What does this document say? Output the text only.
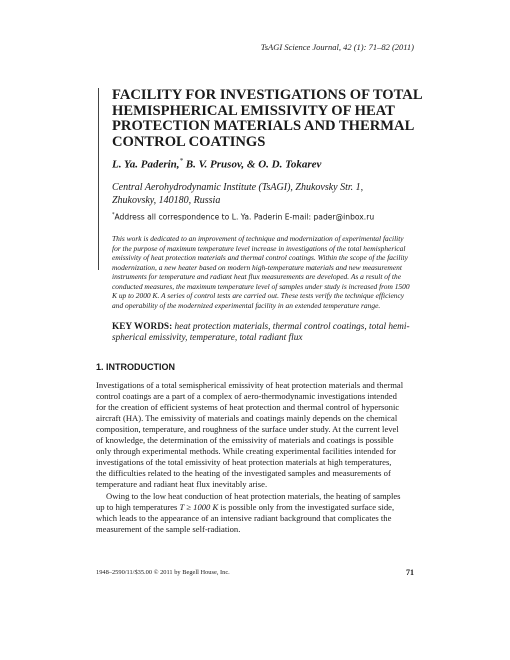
TsAGI Science Journal, 42 (1): 71–82 (2011)
FACILITY FOR INVESTIGATIONS OF TOTAL
HEMISPHERICAL EMISSIVITY OF HEAT
PROTECTION MATERIALS AND THERMAL
CONTROL COATINGS
L. Ya. Paderin,* B. V. Prusov, & O. D. Tokarev
Central Aerohydrodynamic Institute (TsAGI), Zhukovsky Str. 1,
Zhukovsky, 140180, Russia
*Address all correspondence to L. Ya. Paderin E-mail: pader@inbox.ru
This work is dedicated to an improvement of technique and modernization of experimental facility
for the purpose of maximum temperature level increase in investigations of the total hemispherical
emissivity of heat protection materials and thermal control coatings. Within the scope of the facility
modernization, a new heater based on modern high-temperature materials and new measurement
instruments for temperature and radiant heat flux measurements are developed. As a result of the
conducted measures, the maximum temperature level of samples under study is increased from 1500
K up to 2000 K. A series of control tests are carried out. These tests verify the technique efficiency
and operability of the modernized experimental facility in an extended temperature range.
KEY WORDS: heat protection materials, thermal control coatings, total hemi-
spherical emissivity, temperature, total radiant flux
1. INTRODUCTION
Investigations of a total semispherical emissivity of heat protection materials and thermal
control coatings are a part of a complex of aero-thermodynamic investigations intended
for the creation of efficient systems of heat protection and thermal control of hypersonic
aircraft (HA). The emissivity of materials and coatings mainly depends on the chemical
composition, temperature, and roughness of the surface under study. At the current level
of knowledge, the determination of the emissivity of materials and coatings is possible
only through experimental methods. While creating experimental facilities intended for
investigations of the total emissivity of heat protection materials at high temperatures,
the difficulties related to the heating of the investigated samples and measurements of
temperature and radiant heat flux inevitably arise.
Owing to the low heat conduction of heat protection materials, the heating of samples
up to high temperatures T ≥ 1000 K is possible only from the investigated surface side,
which leads to the appearance of an intensive radiant background that complicates the
measurement of the sample self-radiation.
1948–2590/11/$35.00 © 2011 by Begell House, Inc.	71
